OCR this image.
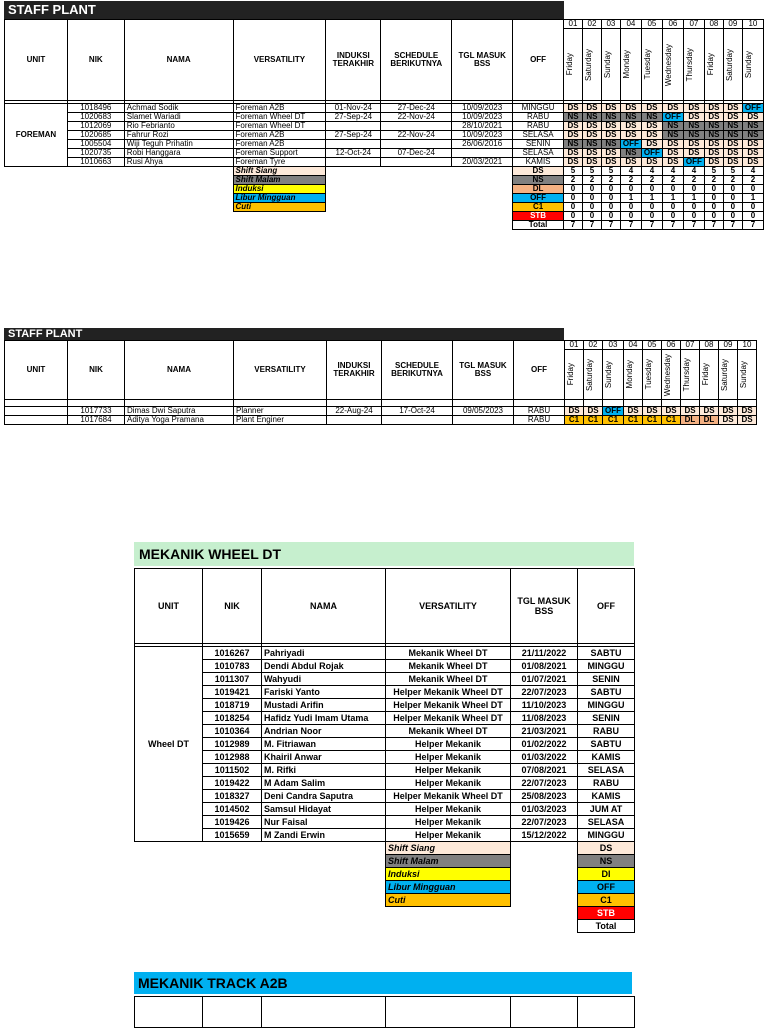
STAFF PLANT
UNIT	NIK	NAMA	VERSATILITY	INDUKSI TERAKHIR	SCHEDULE BERIKUTNYA	TGL MASUK BSS	OFF	01	02	03	04	05	06	07	08	09	10

								Friday	Saturday	Sunday	Monday	Tuesday	Wednesday	Thursday	Friday	Saturday	Sunday

FOREMAN	1018496	Achmad Sodik	Foreman A2B	01-Nov-24	27-Dec-24	10/09/2023	MINGGU	DS	DS	DS	DS	DS	DS	DS	DS	DS	OFF
	1020683	Slamet Wariadi	Foreman Wheel DT	27-Sep-24	22-Nov-24	10/09/2023	RABU	NS	NS	NS	NS	NS	OFF	DS	DS	DS	DS
	1012069	Rio Febrianto	Foreman Wheel DT			28/10/2021	RABU	DS	DS	DS	DS	DS	NS	NS	NS	NS	NS
	1020685	Fahrur Rozi	Foreman A2B	27-Sep-24	22-Nov-24	10/09/2023	SELASA	DS	DS	DS	DS	DS	NS	NS	NS	NS	NS
	1005504	Wiji Teguh Prihatin	Foreman A2B			26/06/2016	SENIN	NS	NS	NS	OFF	DS	DS	DS	DS	DS	DS
	1020735	Robi Hanggara	Foreman Support	12-Oct-24	07-Dec-24		SELASA	DS	DS	DS	NS	OFF	DS	DS	DS	DS	DS
	1010663	Rusi Ahya	Foreman Tyre			20/03/2021	KAMIS	DS	DS	DS	DS	DS	DS	OFF	DS	DS	DS
			Shift Siang				DS	5	5	5	4	4	4	4	5	5	4
			Shift Malam				NS	2	2	2	2	2	2	2	2	2	2
			Induksi				DL	0	0	0	0	0	0	0	0	0	0
			Libur Mingguan				OFF	0	0	0	1	1	1	1	0	0	1
			Cuti				C1	0	0	0	0	0	0	0	0	0	0
							STB	0	0	0	0	0	0	0	0	0	0
							Total	7	7	7	7	7	7	7	7	7	7
STAFF PLANT
UNIT	NIK	NAMA	VERSATILITY	INDUKSI TERAKHIR	SCHEDULE BERIKUTNYA	TGL MASUK BSS	OFF	01	02	03	04	05	06	07	08	09	10

								Friday	Saturday	Sunday	Monday	Tuesday	Wednesday	Thursday	Friday	Saturday	Sunday

	1017733	Dimas Dwi Saputra	Planner	22-Aug-24	17-Oct-24	09/05/2023	RABU	DS	DS	OFF	DS	DS	DS	DS	DS	DS	DS
	1017684	Aditya Yoga Pramana	Plant Enginer				RABU	C1	C1	C1	C1	C1	C1	DL	DL	DS	DS
MEKANIK WHEEL DT
UNIT	NIK	NAMA	VERSATILITY	TGL MASUK BSS	OFF

Wheel DT	1016267	Pahriyadi	Mekanik Wheel DT	21/11/2022	SABTU
	1010783	Dendi Abdul Rojak	Mekanik Wheel DT	01/08/2021	MINGGU
	1011307	Wahyudi	Mekanik Wheel DT	01/07/2021	SENIN
	1019421	Fariski Yanto	Helper Mekanik Wheel DT	22/07/2023	SABTU
	1018719	Mustadi Arifin	Helper Mekanik Wheel DT	11/10/2023	MINGGU
	1018254	Hafidz Yudi Imam Utama	Helper Mekanik Wheel DT	11/08/2023	SENIN
	1010364	Andrian Noor	Mekanik Wheel DT	21/03/2021	RABU
	1012989	M. Fitriawan	Helper Mekanik	01/02/2022	SABTU
	1012988	Khairil Anwar	Helper Mekanik	01/03/2022	KAMIS
	1011502	M. Rifki	Helper Mekanik	07/08/2021	SELASA
	1019422	M Adam Salim	Helper Mekanik	22/07/2023	RABU
	1018327	Deni Candra Saputra	Helper Mekanik Wheel DT	25/08/2023	KAMIS
	1014502	Samsul Hidayat	Helper Mekanik	01/03/2023	JUM AT
	1019426	Nur Faisal	Helper Mekanik	22/07/2023	SELASA
	1015659	M Zandi Erwin	Helper Mekanik	15/12/2022	MINGGU
			Shift Siang		DS
			Shift Malam		NS
			Induksi		DI
			Libur Mingguan		OFF
			Cuti		C1
					STB
					Total
MEKANIK TRACK A2B
